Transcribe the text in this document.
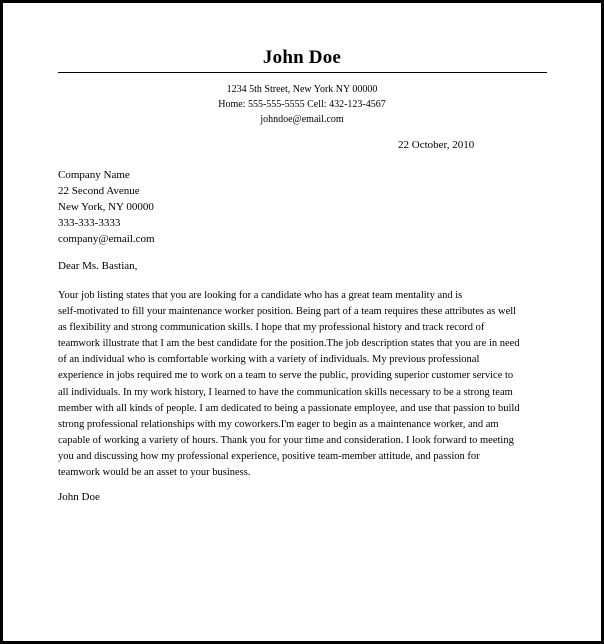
John Doe
1234 5th Street, New York NY 00000
Home: 555-555-5555 Cell: 432-123-4567
johndoe@email.com
22 October, 2010
Company Name
22 Second Avenue
New York, NY 00000
333-333-3333
company@email.com
Dear Ms. Bastian,
Your job listing states that you are looking for a candidate who has a great team mentality and is
self-motivated to fill your maintenance worker position. Being part of a team requires these attributes as well
as flexibility and strong communication skills. I hope that my professional history and track record of
teamwork illustrate that I am the best candidate for the position.The job description states that you are in need
of an individual who is comfortable working with a variety of individuals. My previous professional
experience in jobs required me to work on a team to serve the public, providing superior customer service to
all individuals. In my work history, I learned to have the communication skills necessary to be a strong team
member with all kinds of people. I am dedicated to being a passionate employee, and use that passion to build
strong professional relationships with my coworkers.I'm eager to begin as a maintenance worker, and am
capable of working a variety of hours. Thank you for your time and consideration. I look forward to meeting
you and discussing how my professional experience, positive team-member attitude, and passion for
teamwork would be an asset to your business.
John Doe
